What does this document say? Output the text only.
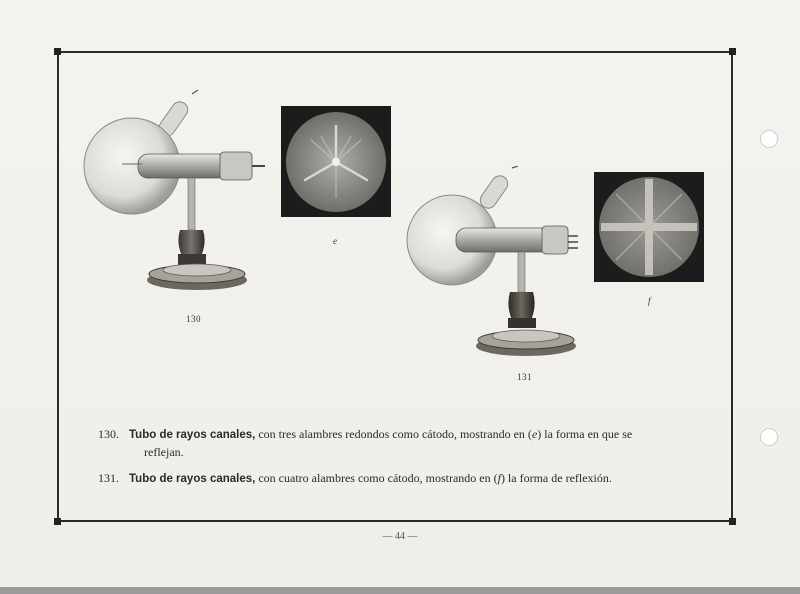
130
e
131
f
130. Tubo de rayos canales, con tres alambres redondos como cátodo, mostrando en (e) la forma en que se
reflejan.
131. Tubo de rayos canales, con cuatro alambres como cátodo, mostrando en (f) la forma de reflexión.
— 44 —
